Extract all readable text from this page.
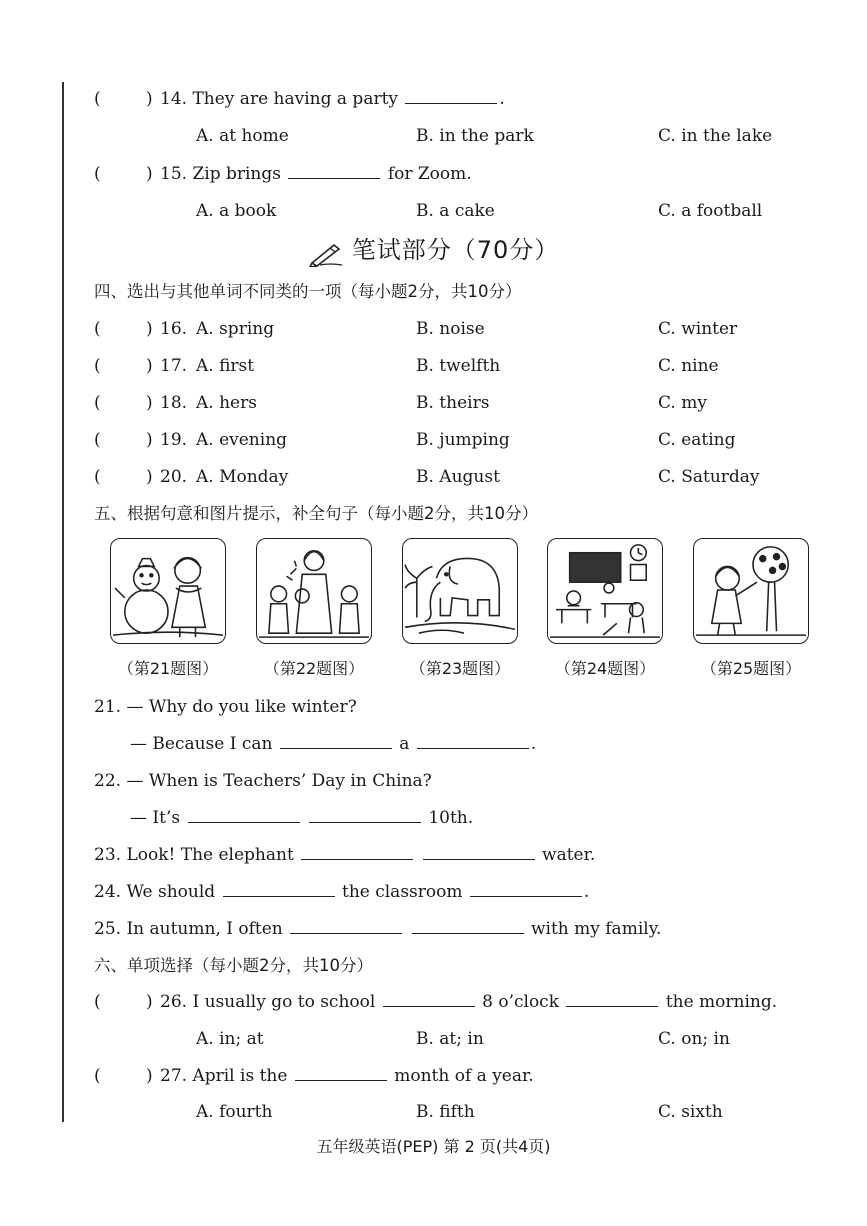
(	) 14. They are having a party	.
A. at home	B. in the park	C. in the lake
(	) 15. Zip brings	for Zoom.
A. a book	B. a cake	C. a football
笔试部分（70分）
四、选出与其他单词不同类的一项（每小题2分，共10分）
(	) 16. A. spring	B. noise	C. winter
(	) 17. A. first	B. twelfth	C. nine
(	) 18. A. hers	B. theirs	C. my
(	) 19. A. evening	B. jumping	C. eating
(	) 20. A. Monday	B. August	C. Saturday
五、根据句意和图片提示，补全句子（每小题2分，共10分）
（第21题图）	（第22题图）	（第23题图）	（第24题图）	（第25题图）
21. — Why do you like winter?
— Because I can	a	.
22. — When is Teachers’ Day in China?
— It’s	10th.
23. Look! The elephant	water.
24. We should	the classroom	.
25. In autumn, I often	with my family.
六、单项选择（每小题2分，共10分）
(	) 26. I usually go to school	8 o’clock	the morning.
A. in; at	B. at; in	C. on; in
(	) 27. April is the	month of a year.
A. fourth	B. fifth	C. sixth
五年级英语(PEP) 第 2 页(共4页)
